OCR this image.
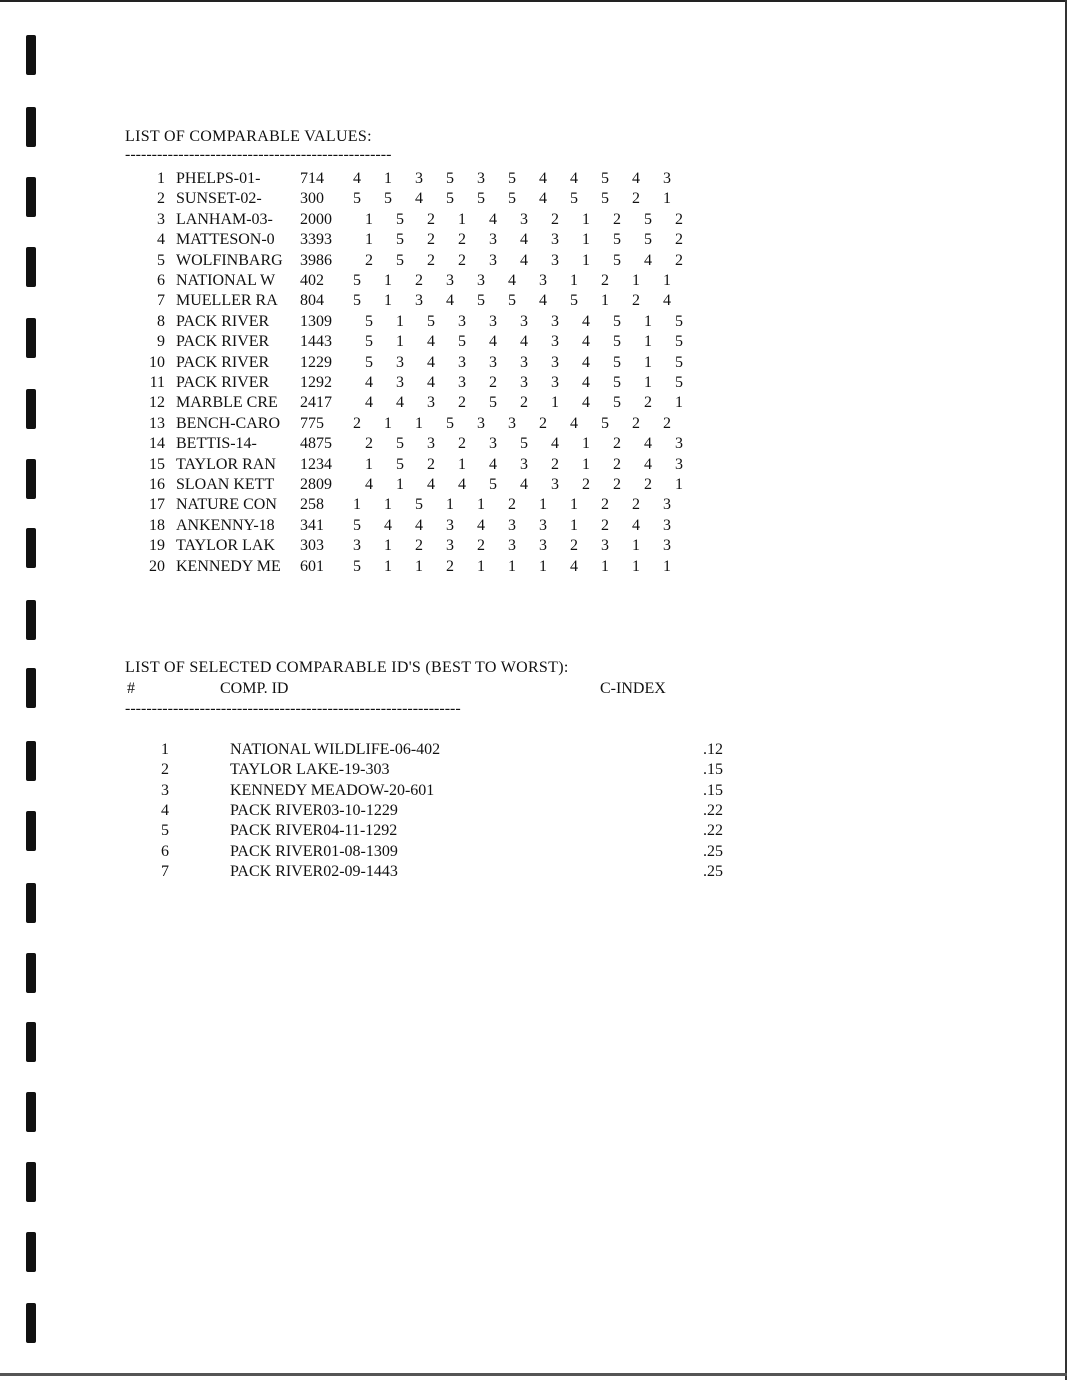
LIST OF COMPARABLE VALUES:
--------------------------------------------------
1 PHELPS-01- 714	4	1	3	5	3	5	4	4	5	4	3
2 SUNSET-02- 300	5	5	4	5	5	5	4	5	5	2	1
3 LANHAM-03- 2000	1	5	2	1	4	3	2	1	2	5	2
4 MATTESON-0 3393	1	5	2	2	3	4	3	1	5	5	2
5 WOLFINBARG 3986	2	5	2	2	3	4	3	1	5	4	2
6 NATIONAL W 402	5	1	2	3	3	4	3	1	2	1	1
7 MUELLER RA 804	5	1	3	4	5	5	4	5	1	2	4
8 PACK RIVER 1309	5	1	5	3	3	3	3	4	5	1	5
9 PACK RIVER 1443	5	1	4	5	4	4	3	4	5	1	5
10 PACK RIVER 1229	5	3	4	3	3	3	3	4	5	1	5
11 PACK RIVER 1292	4	3	4	3	2	3	3	4	5	1	5
12 MARBLE CRE 2417	4	4	3	2	5	2	1	4	5	2	1
13 BENCH-CARO 775	2	1	1	5	3	3	2	4	5	2	2
14 BETTIS-14-	4875	2	5	3	2	3	5	4	1	2	4	3
15 TAYLOR RAN 1234	1	5	2	1	4	3	2	1	2	4	3
16 SLOAN KETT 2809	4	1	4	4	5	4	3	2	2	2	1
17 NATURE CON 258	1	1	5	1	1	2	1	1	2	2	3
18 ANKENNY-18 341	5	4	4	3	4	3	3	1	2	4	3
19 TAYLOR LAK 303	3	1	2	3	2	3	3	2	3	1	3
20 KENNEDY ME 601	5	1	1	2	1	1	1	4	1	1	1
LIST OF SELECTED COMPARABLE ID'S (BEST TO WORST):
#	COMP. ID	C-INDEX
---------------------------------------------------------------
1	NATIONAL WILDLIFE-06-402	.12
2	TAYLOR LAKE-19-303	.15
3	KENNEDY MEADOW-20-601	.15
4	PACK RIVER03-10-1229	.22
5	PACK RIVER04-11-1292	.22
6	PACK RIVER01-08-1309	.25
7	PACK RIVER02-09-1443	.25
